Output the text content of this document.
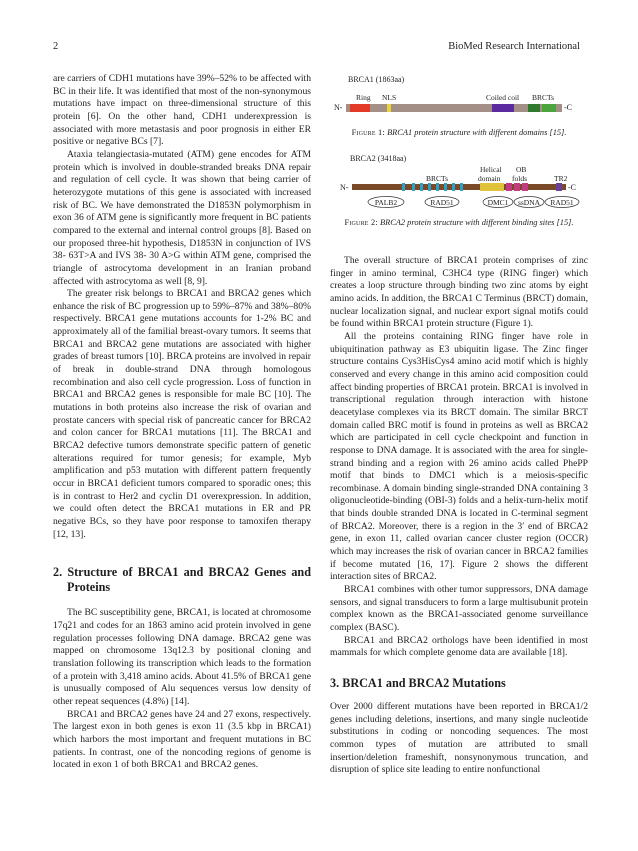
2	BioMed Research International

are carriers of CDH1 mutations have 39%–52% to be affected with BC in their life. It was identified that most of the non-synonymous mutations have impact on three-dimensional structure of this protein [6]. On the other hand, CDH1 underexpression is associated with more metastasis and poor prognosis in either ER positive or negative BCs [7].

Ataxia telangiectasia-mutated (ATM) gene encodes for ATM protein which is involved in double-stranded breaks DNA repair and regulation of cell cycle. It was shown that being carrier of heterozygote mutations of this gene is associated with increased risk of BC. We have demonstrated the D1853N polymorphism in exon 36 of ATM gene is significantly more frequent in BC patients compared to the external and internal control groups [8]. Based on our proposed three-hit hypothesis, D1853N in conjunction of IVS 38- 63T>A and IVS 38- 30 A>G within ATM gene, comprised the triangle of astrocytoma development in an Iranian proband affected with astrocytoma as well [8, 9].

The greater risk belongs to BRCA1 and BRCA2 genes which enhance the risk of BC progression up to 59%–87% and 38%–80% respectively. BRCA1 gene mutations accounts for 1-2% BC and approximately all of the familial breast-ovary tumors. It seems that BRCA1 and BRCA2 gene mutations are associated with higher grades of breast tumors [10]. BRCA proteins are involved in repair of break in double-strand DNA through homologous recombination and also cell cycle progression. Loss of function in BRCA1 and BRCA2 genes is responsible for male BC [10]. The mutations in both proteins also increase the risk of ovarian and prostate cancers with special risk of pancreatic cancer for BRCA2 and colon cancer for BRCA1 mutations [11]. The BRCA1 and BRCA2 defective tumors demonstrate specific pattern of genetic alterations required for tumor genesis; for example, Myb amplification and p53 mutation with different pattern frequently occur in BRCA1 deficient tumors compared to sporadic ones; this is in contrast to Her2 and cyclin D1 overexpression. In addition, we could often detect the BRCA1 mutations in ER and PR negative BCs, so they have poor response to tamoxifen therapy [12, 13].

2. Structure of BRCA1 and BRCA2 Genes and Proteins

The BC susceptibility gene, BRCA1, is located at chromosome 17q21 and codes for an 1863 amino acid protein involved in gene regulation processes following DNA damage. BRCA2 gene was mapped on chromosome 13q12.3 by positional cloning and translation following its transcription which leads to the formation of a protein with 3,418 amino acids. About 41.5% of BRCA1 gene is unusually composed of Alu sequences versus low density of other repeat sequences (4.8%) [14].

BRCA1 and BRCA2 genes have 24 and 27 exons, respectively. The largest exon in both genes is exon 11 (3.5 kbp in BRCA1) which harbors the most important and frequent mutations in BC patients. In contrast, one of the noncoding regions of genome is located in exon 1 of both BRCA1 and BRCA2 genes.

BRCA1 (1863aa)
Ring NLS	Coiled coil BRCTs
N-	-C
Figure 1: BRCA1 protein structure with different domains [15].
BRCA2 (3418aa)
Helical OB
BRCTs	domain folds	TR2
N-	-C
PALB2	RAD51	DMC1 ssDNA RAD51
Figure 2: BRCA2 protein structure with different binding sites [15].

The overall structure of BRCA1 protein comprises of zinc finger in amino terminal, C3HC4 type (RING finger) which creates a loop structure through binding two zinc atoms by eight amino acids. In addition, the BRCA1 C Terminus (BRCT) domain, nuclear localization signal, and nuclear export signal motifs could be found within BRCA1 protein structure (Figure 1).

All the proteins containing RING finger have role in ubiquitination pathway as E3 ubiquitin ligase. The Zinc finger structure contains Cys3HisCys4 amino acid motif which is highly conserved and every change in this amino acid composition could affect binding properties of BRCA1 protein. BRCA1 is involved in transcriptional regulation through interaction with histone deacetylase complexes via its BRCT domain. The similar BRCT domain called BRC motif is found in proteins as well as BRCA2 which are participated in cell cycle checkpoint and function in response to DNA damage. It is associated with the area for single-strand binding and a region with 26 amino acids called PhePP motif that binds to DMC1 which is a meiosis-specific recombinase. A domain binding single-stranded DNA containing 3 oligonucleotide-binding (OBI-3) folds and a helix-turn-helix motif that binds double stranded DNA is located in C-terminal segment of BRCA2. Moreover, there is a region in the 3′ end of BRCA2 gene, in exon 11, called ovarian cancer cluster region (OCCR) which may increases the risk of ovarian cancer in BRCA2 families if become mutated [16, 17]. Figure 2 shows the different interaction sites of BRCA2.

BRCA1 combines with other tumor suppressors, DNA damage sensors, and signal transducers to form a large multisubunit protein complex known as the BRCA1-associated genome surveillance complex (BASC).

BRCA1 and BRCA2 orthologs have been identified in most mammals for which complete genome data are available [18].

3. BRCA1 and BRCA2 Mutations

Over 2000 different mutations have been reported in BRCA1/2 genes including deletions, insertions, and many single nucleotide substitutions in coding or noncoding sequences. The most common types of mutation are attributed to small insertion/deletion frameshift, nonsynonymous truncation, and disruption of splice site leading to entire nonfunctional
